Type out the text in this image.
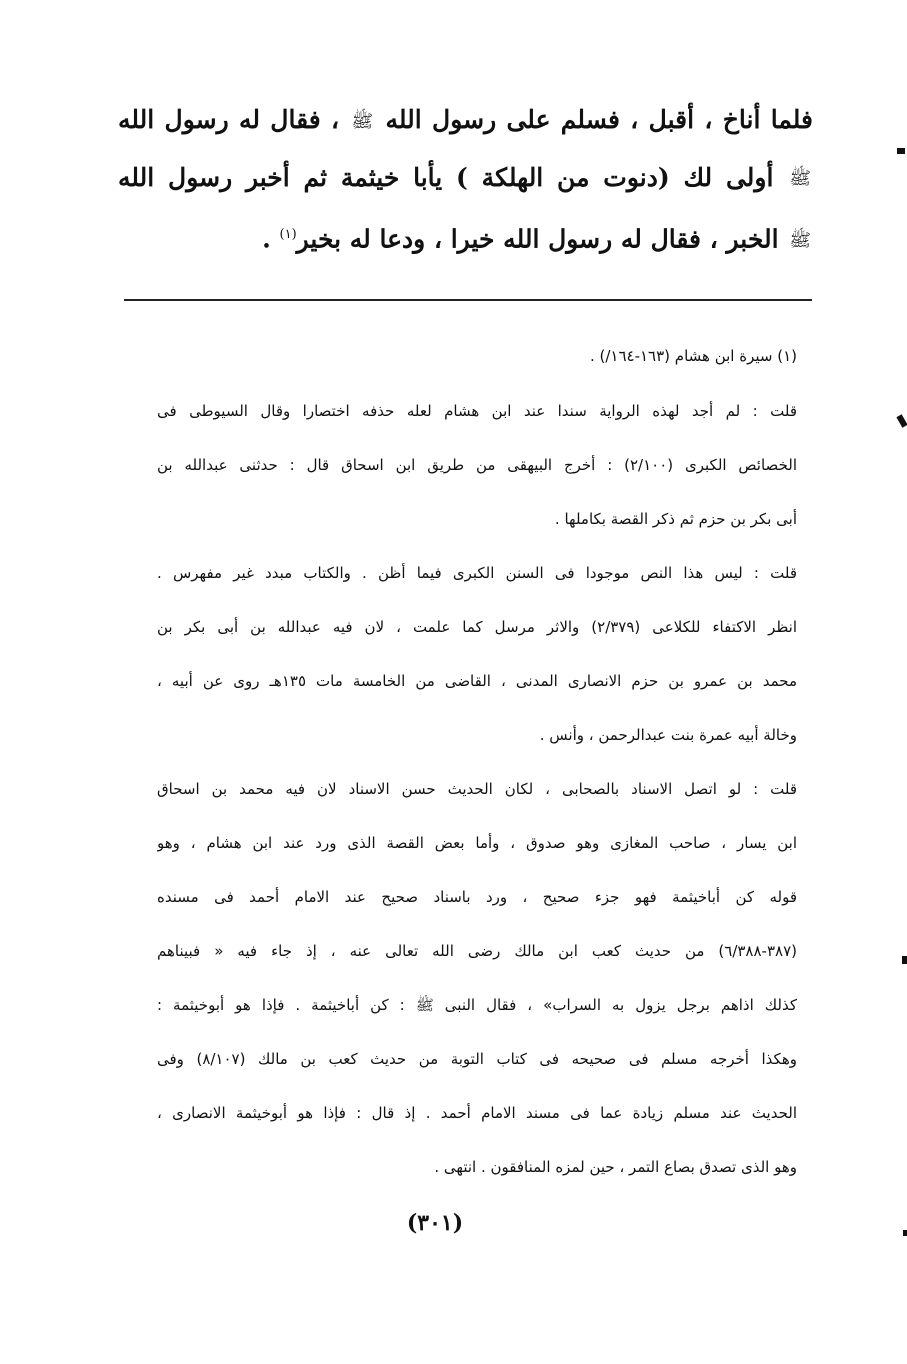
فلما أناخ ، أقبل ، فسلم على رسول الله ﷺ ، فقال له رسول الله
ﷺ أولى لك (دنوت من الهلكة ) يأبا خيثمة ثم أخبر رسول الله
ﷺ الخبر ، فقال له رسول الله خيرا ، ودعا له بخير$^{(١)}$ .
(١) سيرة ابن هشام (١٦٣-١٦٤/) .
قلت : لم أجد لهذه الرواية سندا عند ابن هشام لعله حذفه اختصارا وقال السيوطى فى
الخصائص الكبرى (٢/١٠٠) : أخرج البيهقى من طريق ابن اسحاق قال : حدثنى عبدالله بن
أبى بكر بن حزم ثم ذكر القصة بكاملها .
قلت : ليس هذا النص موجودا فى السنن الكبرى فيما أظن . والكتاب مبدد غير مفهرس .
انظر الاكتفاء للكلاعى (٢/٣٧٩) والاثر مرسل كما علمت ، لان فيه عبدالله بن أبى بكر بن
محمد بن عمرو بن حزم الانصارى المدنى ، القاضى من الخامسة مات ١٣٥هـ روى عن أبيه ،
وخالة أبيه عمرة بنت عبدالرحمن ، وأنس .
قلت : لو اتصل الاسناد بالصحابى ، لكان الحديث حسن الاسناد لان فيه محمد بن اسحاق
ابن يسار ، صاحب المغازى وهو صدوق ، وأما بعض القصة الذى ورد عند ابن هشام ، وهو
قوله كن أباخيثمة فهو جزء صحيح ، ورد باسناد صحيح عند الامام أحمد فى مسنده
(٣٨٧-٦/٣٨٨) من حديث كعب ابن مالك رضى الله تعالى عنه ، إذ جاء فيه « فبيناهم
كذلك اذاهم برجل يزول به السراب» ، فقال النبى ﷺ : كن أباخيثمة . فإذا هو أبوخيثمة :
وهكذا أخرجه مسلم فى صحيحه فى كتاب التوبة من حديث كعب بن مالك (٨/١٠٧) وفى
الحديث عند مسلم زيادة عما فى مسند الامام أحمد . إذ قال : فإذا هو أبوخيثمة الانصارى ،
وهو الذى تصدق بصاع التمر ، حين لمزه المنافقون . انتهى .
(٣٠١)
